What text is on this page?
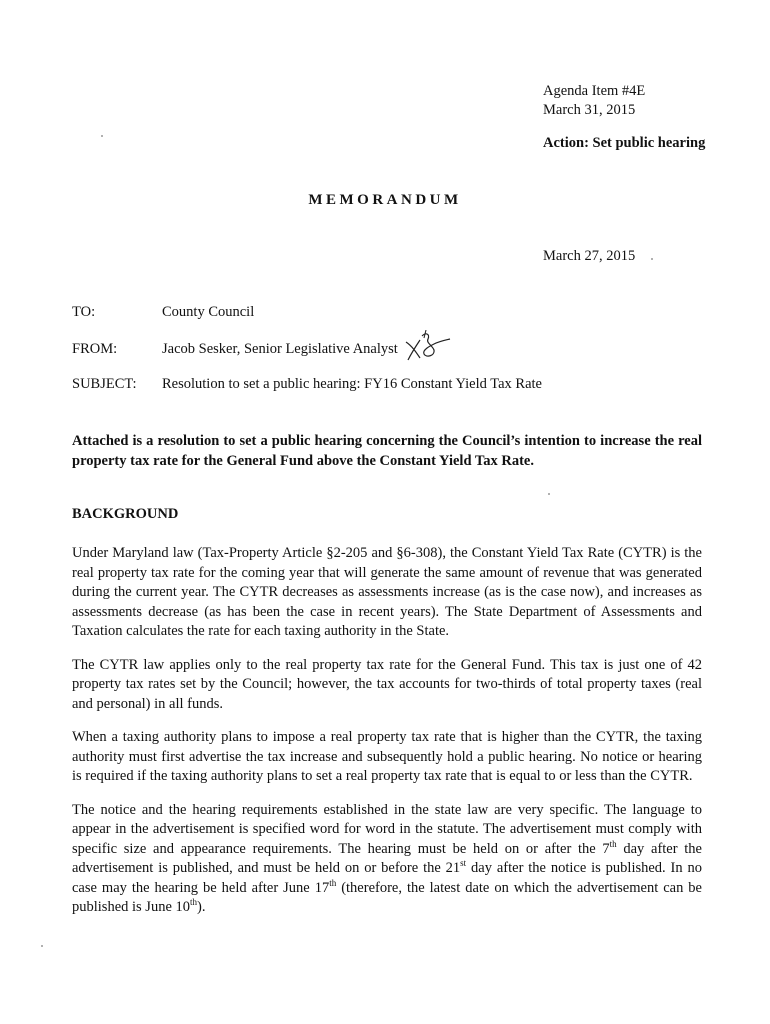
Agenda Item #4E
March 31, 2015
Action: Set public hearing
MEMORANDUM
March 27, 2015
TO:	County Council
FROM:	Jacob Sesker, Senior Legislative Analyst
SUBJECT:	Resolution to set a public hearing: FY16 Constant Yield Tax Rate
Attached is a resolution to set a public hearing concerning the Council’s intention to increase the real property tax rate for the General Fund above the Constant Yield Tax Rate.
BACKGROUND

Under Maryland law (Tax-Property Article §2-205 and §6-308), the Constant Yield Tax Rate (CYTR) is the real property tax rate for the coming year that will generate the same amount of revenue that was generated during the current year. The CYTR decreases as assessments increase (as is the case now), and increases as assessments decrease (as has been the case in recent years). The State Department of Assessments and Taxation calculates the rate for each taxing authority in the State.

The CYTR law applies only to the real property tax rate for the General Fund. This tax is just one of 42 property tax rates set by the Council; however, the tax accounts for two-thirds of total property taxes (real and personal) in all funds.

When a taxing authority plans to impose a real property tax rate that is higher than the CYTR, the taxing authority must first advertise the tax increase and subsequently hold a public hearing. No notice or hearing is required if the taxing authority plans to set a real property tax rate that is equal to or less than the CYTR.

The notice and the hearing requirements established in the state law are very specific. The language to appear in the advertisement is specified word for word in the statute. The advertisement must comply with specific size and appearance requirements. The hearing must be held on or after the 7th day after the advertisement is published, and must be held on or before the 21st day after the notice is published. In no case may the hearing be held after June 17th (therefore, the latest date on which the advertisement can be published is June 10th).
